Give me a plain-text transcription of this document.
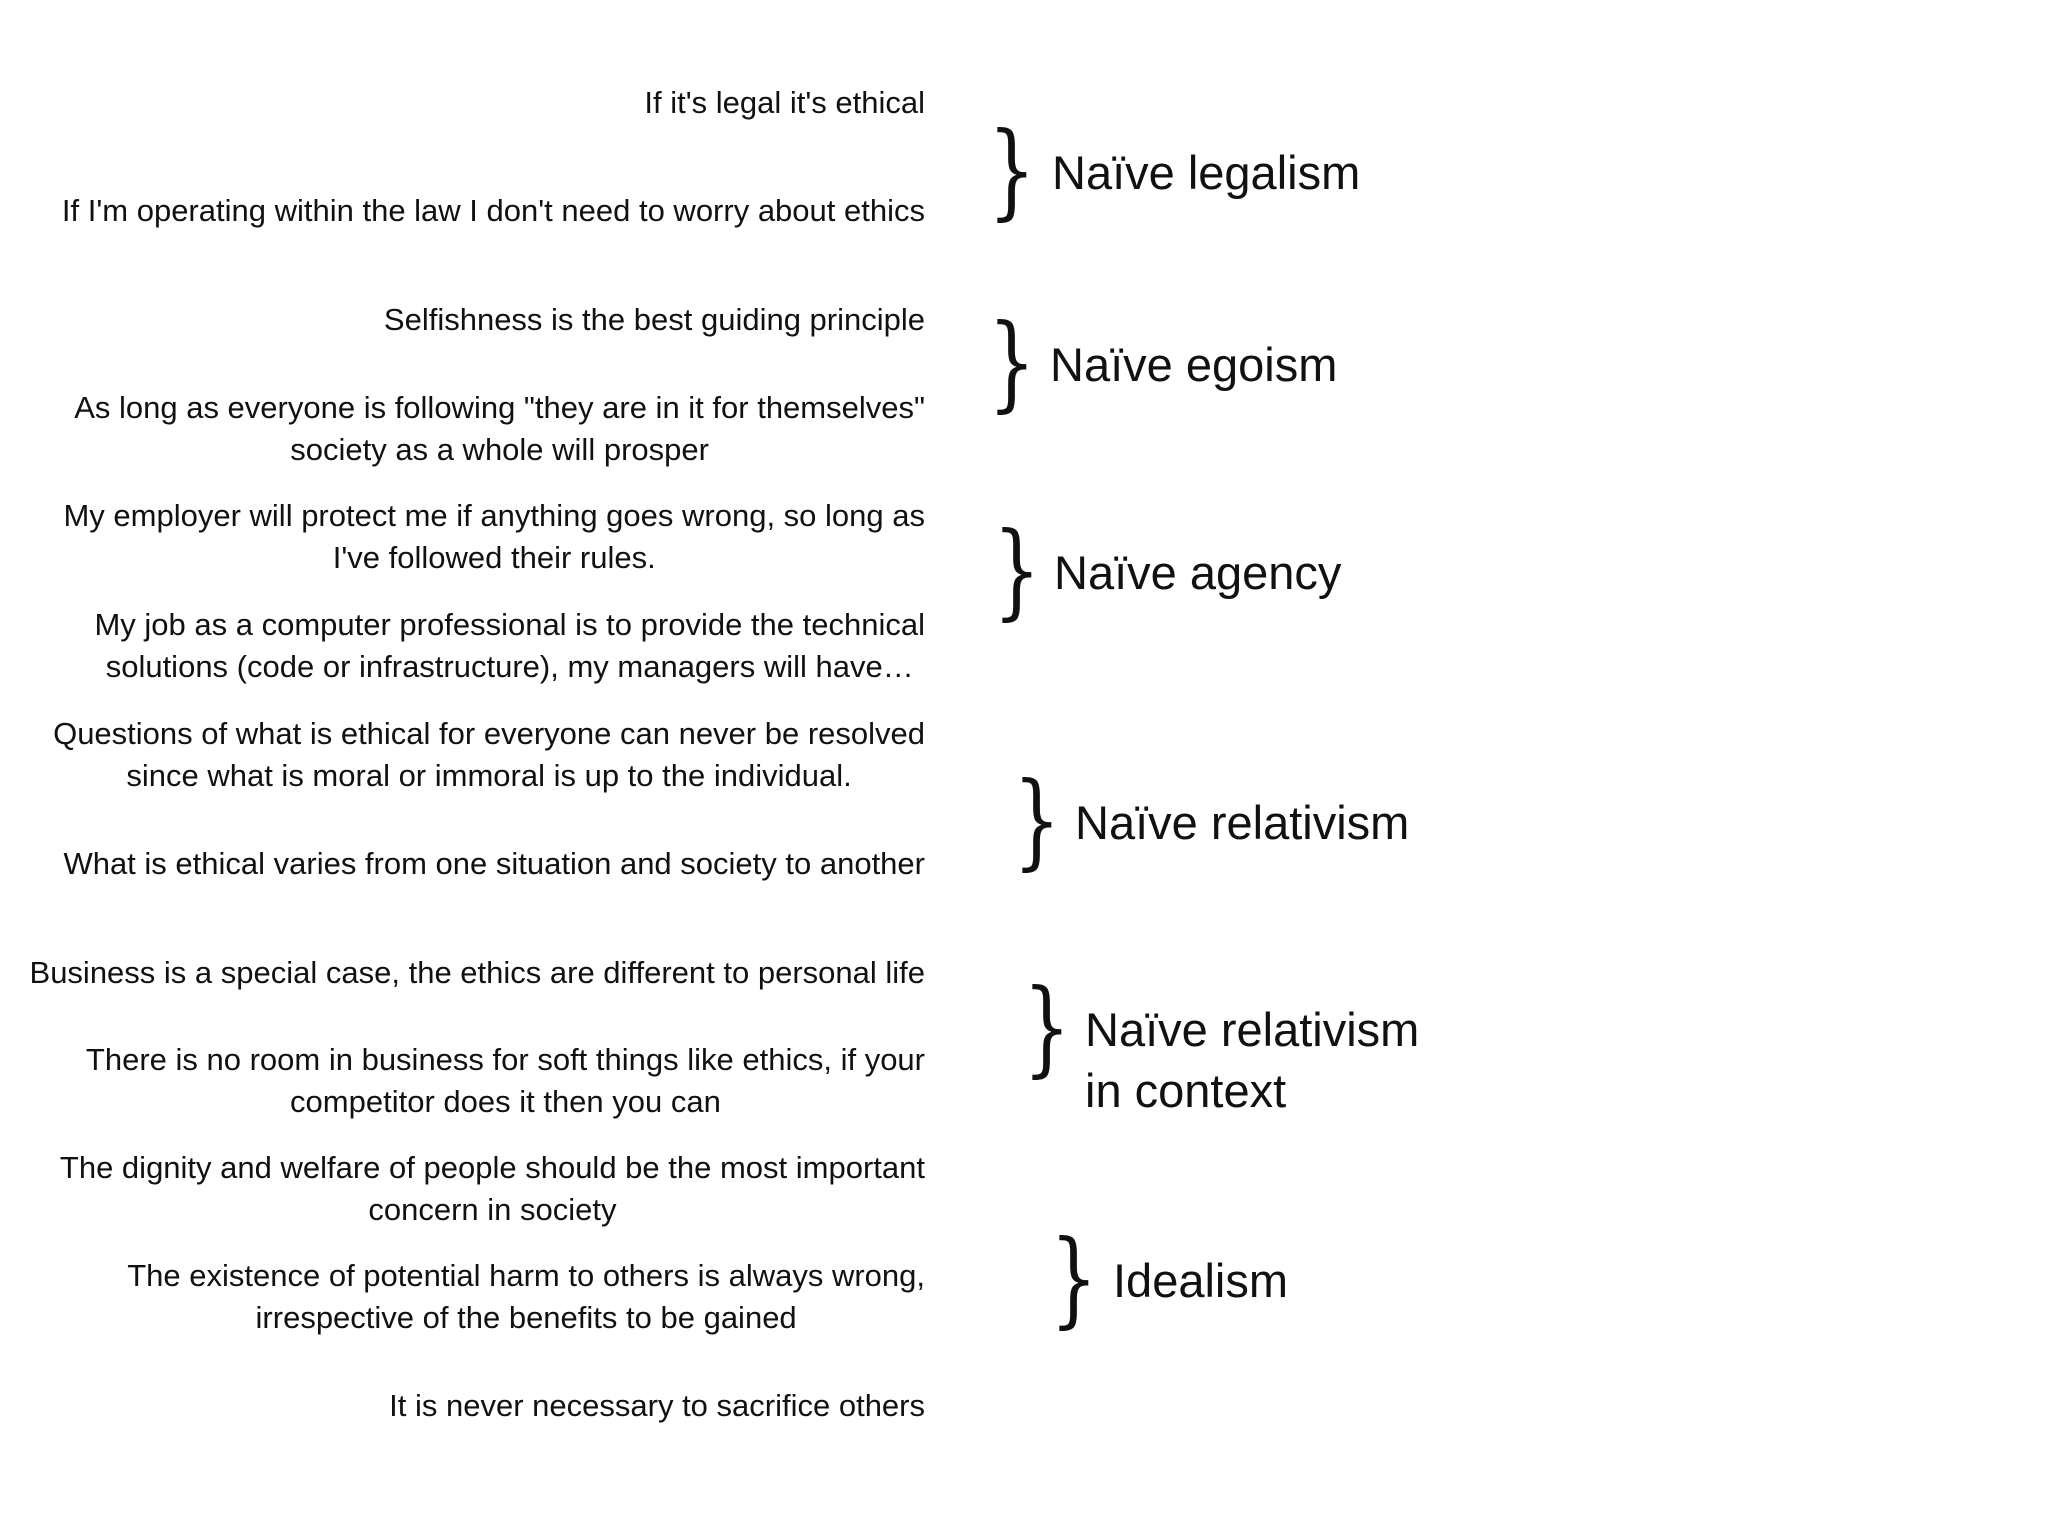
If it's legal it's ethical
If I'm operating within the law I don't need to worry about ethics
Selfishness is the best guiding principle
As long as everyone is following "they are in it for themselves"
society as a whole will prosper
My employer will protect me if anything goes wrong, so long as
I've followed their rules.
My job as a computer professional is to provide the technical
solutions (code or infrastructure), my managers will have…
Questions of what is ethical for everyone can never be resolved
since what is moral or immoral is up to the individual.
What is ethical varies from one situation and society to another
Business is a special case, the ethics are different to personal life
There is no room in business for soft things like ethics, if your
competitor does it then you can
The dignity and welfare of people should be the most important
concern in society
The existence of potential harm to others is always wrong,
irrespective of the benefits to be gained
It is never necessary to sacrifice others
}
}
}
}
}
}
Naïve legalism
Naïve egoism
Naïve agency
Naïve relativism
Naïve relativism
in context
Idealism
